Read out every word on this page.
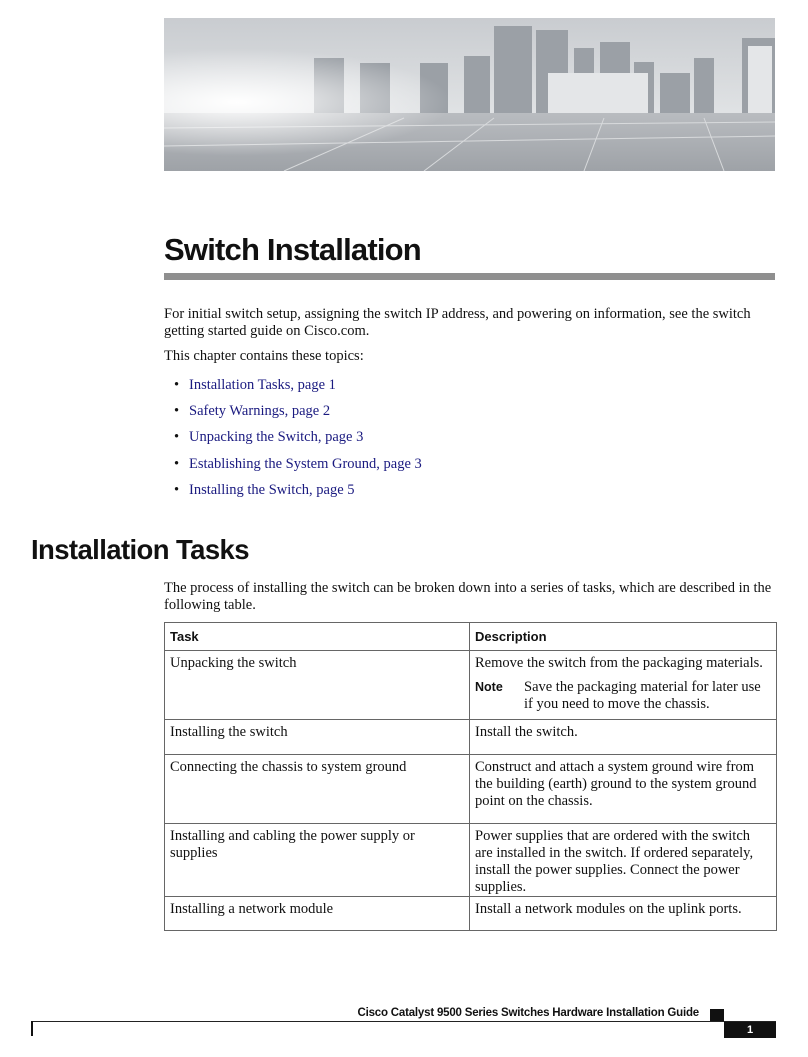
Switch Installation

For initial switch setup, assigning the switch IP address, and powering on information, see the switch getting started guide on Cisco.com.

This chapter contains these topics:

• Installation Tasks, page 1
• Safety Warnings, page 2
• Unpacking the Switch, page 3
• Establishing the System Ground, page 3
• Installing the Switch, page 5
Installation Tasks

The process of installing the switch can be broken down into a series of tasks, which are described in the following table.

Task	Description
Unpacking the switch	Remove the switch from the packaging materials.
Note Save the packaging material for later use if you need to move the chassis.

Installing the switch	Install the switch.
Connecting the chassis to system ground	Construct and attach a system ground wire from the building (earth) ground to the system ground point on the chassis.
Installing and cabling the power supply or supplies	Power supplies that are ordered with the switch are installed in the switch. If ordered separately, install the power supplies. Connect the power supplies.
Installing a network module	Install a network modules on the uplink ports.
Cisco Catalyst 9500 Series Switches Hardware Installation Guide
1
